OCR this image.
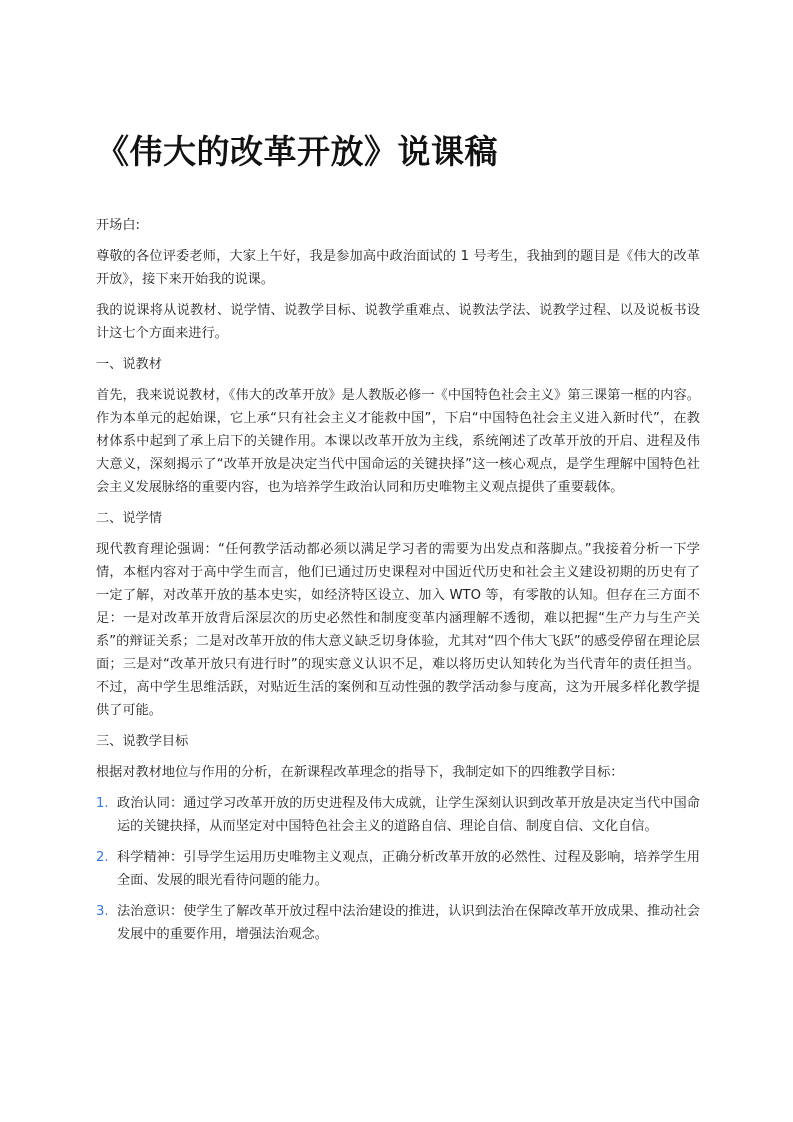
《伟大的改革开放》说课稿

开场白:

尊敬的各位评委老师，大家上午好，我是参加高中政治面试的 1 号考生，我抽到的题目是《伟大的改革开放》，接下来开始我的说课。

我的说课将从说教材、说学情、说教学目标、说教学重难点、说教法学法、说教学过程、以及说板书设计这七个方面来进行。

一、说教材

首先，我来说说教材，《伟大的改革开放》是人教版必修一《中国特色社会主义》第三课第一框的内容。作为本单元的起始课，它上承“只有社会主义才能救中国”，下启“中国特色社会主义进入新时代”，在教材体系中起到了承上启下的关键作用。本课以改革开放为主线，系统阐述了改革开放的开启、进程及伟大意义，深刻揭示了“改革开放是决定当代中国命运的关键抉择”这一核心观点，是学生理解中国特色社会主义发展脉络的重要内容，也为培养学生政治认同和历史唯物主义观点提供了重要载体。

二、说学情

现代教育理论强调：“任何教学活动都必须以满足学习者的需要为出发点和落脚点。”我接着分析一下学情，本框内容对于高中学生而言，他们已通过历史课程对中国近代历史和社会主义建设初期的历史有了一定了解，对改革开放的基本史实，如经济特区设立、加入 WTO 等，有零散的认知。但存在三方面不足：一是对改革开放背后深层次的历史必然性和制度变革内涵理解不透彻，难以把握“生产力与生产关系”的辩证关系；二是对改革开放的伟大意义缺乏切身体验，尤其对“四个伟大飞跃”的感受停留在理论层面；三是对“改革开放只有进行时”的现实意义认识不足，难以将历史认知转化为当代青年的责任担当。不过，高中学生思维活跃，对贴近生活的案例和互动性强的教学活动参与度高，这为开展多样化教学提供了可能。

三、说教学目标

根据对教材地位与作用的分析，在新课程改革理念的指导下，我制定如下的四维教学目标：

1. 政治认同：通过学习改革开放的历史进程及伟大成就，让学生深刻认识到改革开放是决定当代中国命运的关键抉择，从而坚定对中国特色社会主义的道路自信、理论自信、制度自信、文化自信。
2. 科学精神：引导学生运用历史唯物主义观点，正确分析改革开放的必然性、过程及影响，培养学生用全面、发展的眼光看待问题的能力。
3. 法治意识：使学生了解改革开放过程中法治建设的推进，认识到法治在保障改革开放成果、推动社会发展中的重要作用，增强法治观念。
